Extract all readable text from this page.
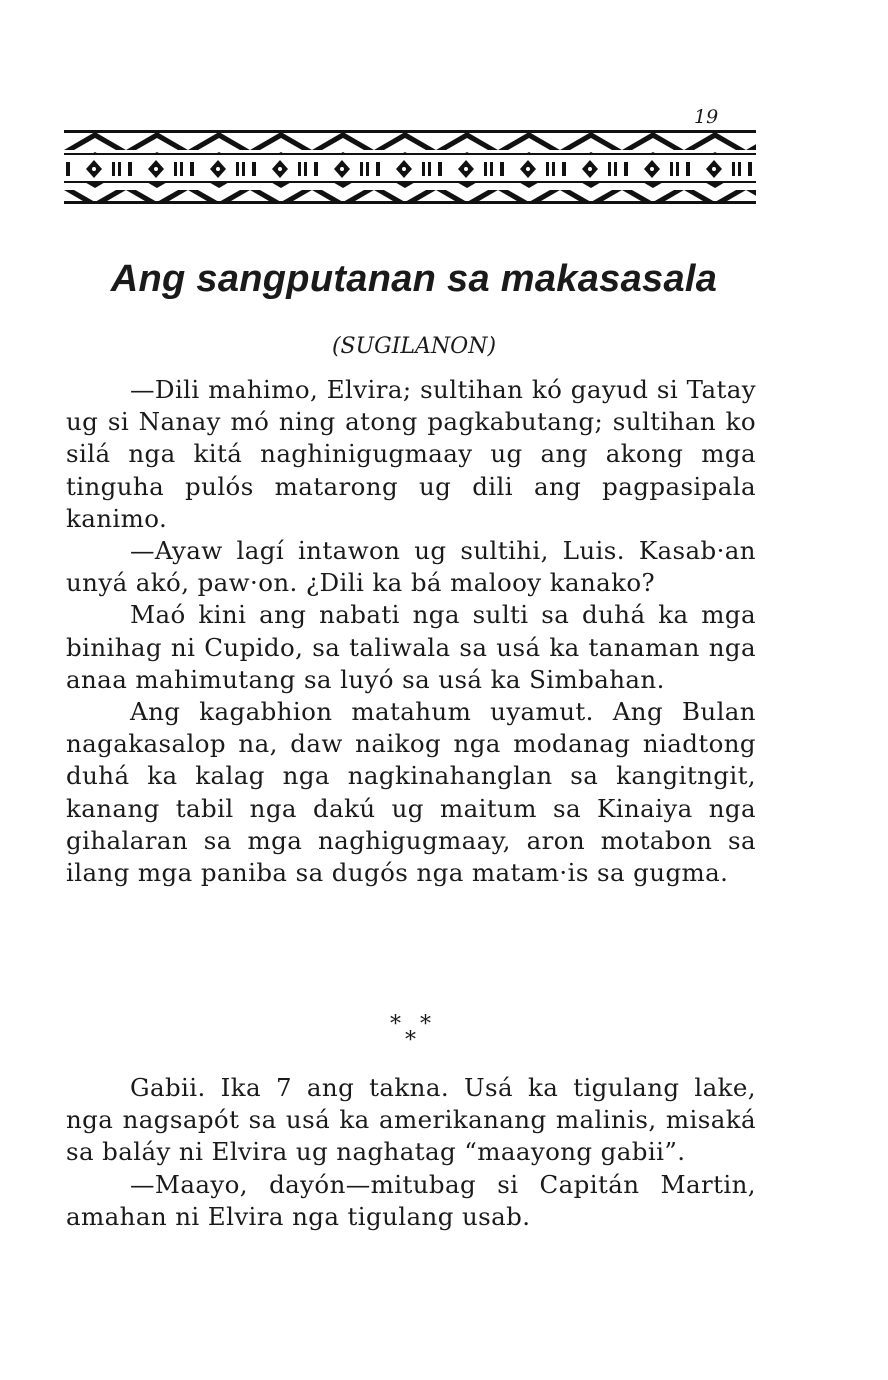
19
Ang sangputanan sa makasasala

(SUGILANON)

—Dili mahimo, Elvira; sultihan kó gayud si Tatay ug si Nanay mó ning atong pagkabutang; sultihan ko silá nga kitá naghinigugmaay ug ang akong mga tinguha pulós matarong ug dili ang pagpasipala kanimo.

—Ayaw lagí intawon ug sultihi, Luis. Kasab·an unyá akó, paw·on. ¿Dili ka bá malooy kanako?

Maó kini ang nabati nga sulti sa duhá ka mga binihag ni Cupido, sa taliwala sa usá ka tanaman nga anaa mahimutang sa luyó sa usá ka Simbahan.

Ang kagabhion matahum uyamut. Ang Bulan nagakasalop na, daw naikog nga modanag niadtong duhá ka kalag nga nagkinahanglan sa kangitngit, kanang tabil nga dakú ug maitum sa Kinaiya nga gihalaran sa mga naghigugmaay, aron motabon sa ilang mga paniba sa dugós nga matam·is sa gugma.

* *
*

Gabii. Ika 7 ang takna. Usá ka tigulang lake, nga nagsapót sa usá ka amerikanang malinis, misaká sa baláy ni Elvira ug naghatag “maayong gabii”.

—Maayo, dayón—mitubag si Capitán Martin, amahan ni Elvira nga tigulang usab.
